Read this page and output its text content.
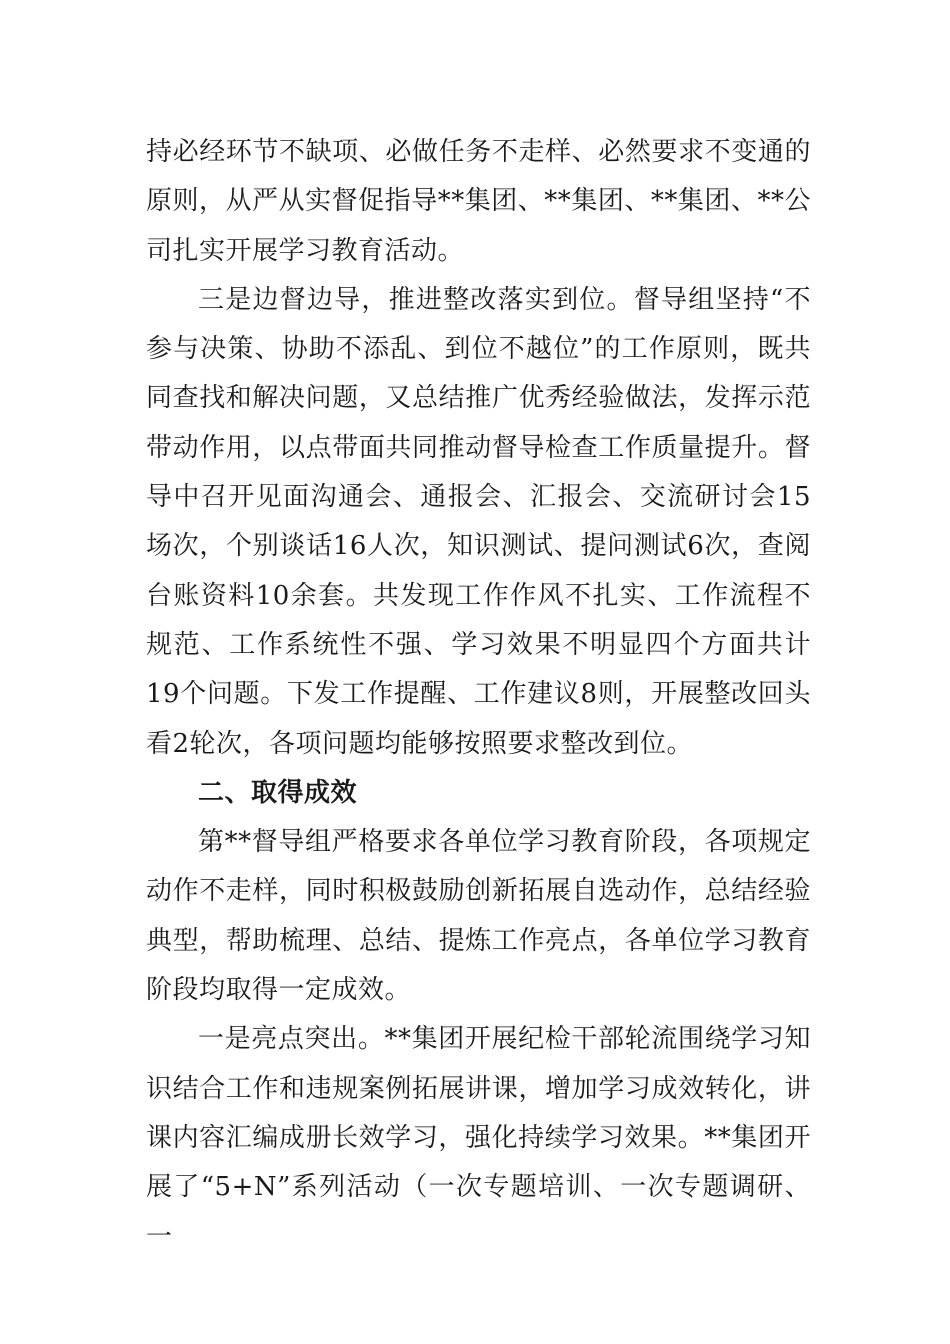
持必经环节不缺项、必做任务不走样、必然要求不变通的原则，从严从实督促指导**集团、**集团、**集团、**公司扎实开展学习教育活动。

三是边督边导，推进整改落实到位。督导组坚持“不参与决策、协助不添乱、到位不越位”的工作原则，既共同查找和解决问题，又总结推广优秀经验做法，发挥示范带动作用，以点带面共同推动督导检查工作质量提升。督导中召开见面沟通会、通报会、汇报会、交流研讨会15场次，个别谈话16人次，知识测试、提问测试6次，查阅台账资料10余套。共发现工作作风不扎实、工作流程不规范、工作系统性不强、学习效果不明显四个方面共计19个问题。下发工作提醒、工作建议8则，开展整改回头看2轮次，各项问题均能够按照要求整改到位。

二、取得成效

第**督导组严格要求各单位学习教育阶段，各项规定动作不走样，同时积极鼓励创新拓展自选动作，总结经验典型，帮助梳理、总结、提炼工作亮点，各单位学习教育阶段均取得一定成效。

一是亮点突出。**集团开展纪检干部轮流围绕学习知识结合工作和违规案例拓展讲课，增加学习成效转化，讲课内容汇编成册长效学习，强化持续学习效果。**集团开展了“5+N”系列活动（一次专题培训、一次专题调研、一
